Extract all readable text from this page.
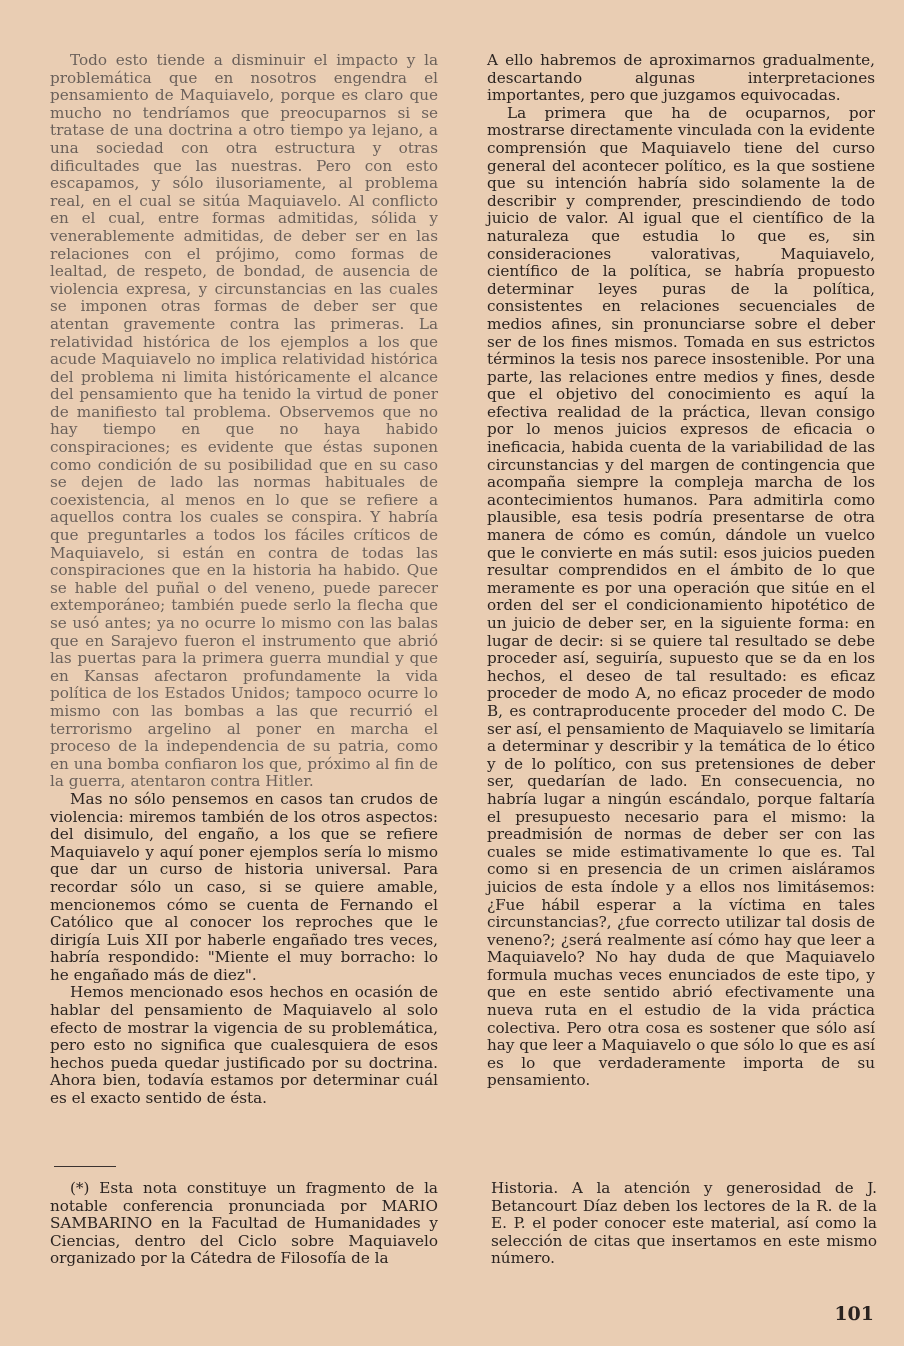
Todo esto tiende a disminuir el impacto y la problemática que en nosotros engendra el pensamiento de Maquiavelo, porque es claro que mucho no tendríamos que preocuparnos si se tratase de una doctrina a otro tiempo ya lejano, a una sociedad con otra estructura y otras dificultades que las nuestras. Pero con esto escapamos, y sólo ilusoriamente, al problema real, en el cual se sitúa Maquiavelo. Al conflicto en el cual, entre formas admitidas, sólida y venerablemente admitidas, de deber ser en las relaciones con el prójimo, como formas de lealtad, de respeto, de bondad, de ausencia de violencia expresa, y circunstancias en las cuales se imponen otras formas de deber ser que atentan gravemente contra las primeras. La relatividad histórica de los ejemplos a los que acude Maquiavelo no implica relatividad histórica del problema ni limita históricamente el alcance del pensamiento que ha tenido la virtud de poner de manifiesto tal problema. Observemos que no hay tiempo en que no haya habido conspiraciones; es evidente que éstas suponen como condición de su posibilidad que en su caso se dejen de lado las normas habituales de coexistencia, al menos en lo que se refiere a aquellos contra los cuales se conspira. Y habría que preguntarles a todos los fáciles críticos de Maquiavelo, si están en contra de todas las conspiraciones que en la historia ha habido. Que se hable del puñal o del veneno, puede parecer extemporáneo; también puede serlo la flecha que se usó antes; ya no ocurre lo mismo con las balas que en Sarajevo fueron el instrumento que abrió las puertas para la primera guerra mundial y que en Kansas afectaron profundamente la vida política de los Estados Unidos; tampoco ocurre lo mismo con las bombas a las que recurrió el terrorismo argelino al poner en marcha el proceso de la independencia de su patria, como en una bomba confiaron los que, próximo al fin de la guerra, atentaron contra Hitler.

Mas no sólo pensemos en casos tan crudos de violencia: miremos también de los otros aspectos: del disimulo, del engaño, a los que se refiere Maquiavelo y aquí poner ejemplos sería lo mismo que dar un curso de historia universal. Para recordar sólo un caso, si se quiere amable, mencionemos cómo se cuenta de Fernando el Católico que al conocer los reproches que le dirigía Luis XII por haberle engañado tres veces, habría respondido: "Miente el muy borracho: lo he engañado más de diez".

Hemos mencionado esos hechos en ocasión de hablar del pensamiento de Maquiavelo al solo efecto de mostrar la vigencia de su problemática, pero esto no significa que cualesquiera de esos hechos pueda quedar justificado por su doctrina. Ahora bien, todavía estamos por determinar cuál es el exacto sentido de ésta.

A ello habremos de aproximarnos gradualmente, descartando algunas interpretaciones importantes, pero que juzgamos equivocadas.

La primera que ha de ocuparnos, por mostrarse directamente vinculada con la evidente comprensión que Maquiavelo tiene del curso general del acontecer político, es la que sostiene que su intención habría sido solamente la de describir y comprender, prescindiendo de todo juicio de valor. Al igual que el científico de la naturaleza que estudia lo que es, sin consideraciones valorativas, Maquiavelo, científico de la política, se habría propuesto determinar leyes puras de la política, consistentes en relaciones secuenciales de medios afines, sin pronunciarse sobre el deber ser de los fines mismos. Tomada en sus estrictos términos la tesis nos parece insostenible. Por una parte, las relaciones entre medios y fines, desde que el objetivo del conocimiento es aquí la efectiva realidad de la práctica, llevan consigo por lo menos juicios expresos de eficacia o ineficacia, habida cuenta de la variabilidad de las circunstancias y del margen de contingencia que acompaña siempre la compleja marcha de los acontecimientos humanos. Para admitirla como plausible, esa tesis podría presentarse de otra manera de cómo es común, dándole un vuelco que le convierte en más sutil: esos juicios pueden resultar comprendidos en el ámbito de lo que meramente es por una operación que sitúe en el orden del ser el condicionamiento hipotético de un juicio de deber ser, en la siguiente forma: en lugar de decir: si se quiere tal resultado se debe proceder así, seguiría, supuesto que se da en los hechos, el deseo de tal resultado: es eficaz proceder de modo A, no eficaz proceder de modo B, es contraproducente proceder del modo C. De ser así, el pensamiento de Maquiavelo se limitaría a determinar y describir y la temática de lo ético y de lo político, con sus pretensiones de deber ser, quedarían de lado. En consecuencia, no habría lugar a ningún escándalo, porque faltaría el presupuesto necesario para el mismo: la preadmisión de normas de deber ser con las cuales se mide estimativamente lo que es. Tal como si en presencia de un crimen aisláramos juicios de esta índole y a ellos nos limitásemos: ¿Fue hábil esperar a la víctima en tales circunstancias?, ¿fue correcto utilizar tal dosis de veneno?; ¿será realmente así cómo hay que leer a Maquiavelo? No hay duda de que Maquiavelo formula muchas veces enunciados de este tipo, y que en este sentido abrió efectivamente una nueva ruta en el estudio de la vida práctica colectiva. Pero otra cosa es sostener que sólo así hay que leer a Maquiavelo o que sólo lo que es así es lo que verdaderamente importa de su pensamiento.

(*) Esta nota constituye un fragmento de la notable conferencia pronunciada por MARIO SAMBARINO en la Facultad de Humanidades y Ciencias, dentro del Ciclo sobre Maquiavelo organizado por la Cátedra de Filosofía de la

Historia. A la atención y generosidad de J. Betancourt Díaz deben los lectores de la R. de la E. P. el poder conocer este material, así como la selección de citas que insertamos en este mismo número.

101
